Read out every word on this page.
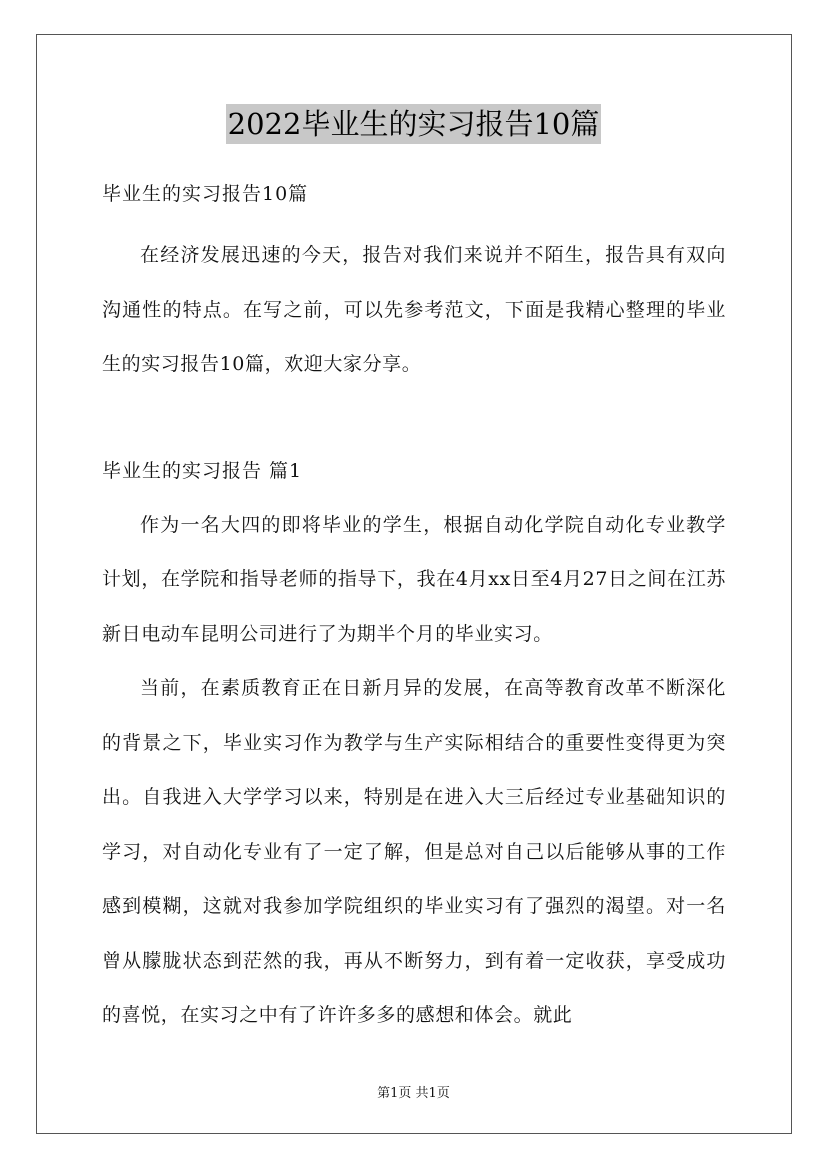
2022毕业生的实习报告10篇

毕业生的实习报告10篇

在经济发展迅速的今天，报告对我们来说并不陌生，报告具有双向沟通性的特点。在写之前，可以先参考范文，下面是我精心整理的毕业生的实习报告10篇，欢迎大家分享。

毕业生的实习报告 篇1

作为一名大四的即将毕业的学生，根据自动化学院自动化专业教学计划，在学院和指导老师的指导下，我在4月xx日至4月27日之间在江苏新日电动车昆明公司进行了为期半个月的毕业实习。

当前，在素质教育正在日新月异的发展，在高等教育改革不断深化的背景之下，毕业实习作为教学与生产实际相结合的重要性变得更为突出。自我进入大学学习以来，特别是在进入大三后经过专业基础知识的学习，对自动化专业有了一定了解，但是总对自己以后能够从事的工作感到模糊，这就对我参加学院组织的毕业实习有了强烈的渴望。对一名曾从朦胧状态到茫然的我，再从不断努力，到有着一定收获，享受成功的喜悦，在实习之中有了许许多多的感想和体会。就此

第1页 共1页
